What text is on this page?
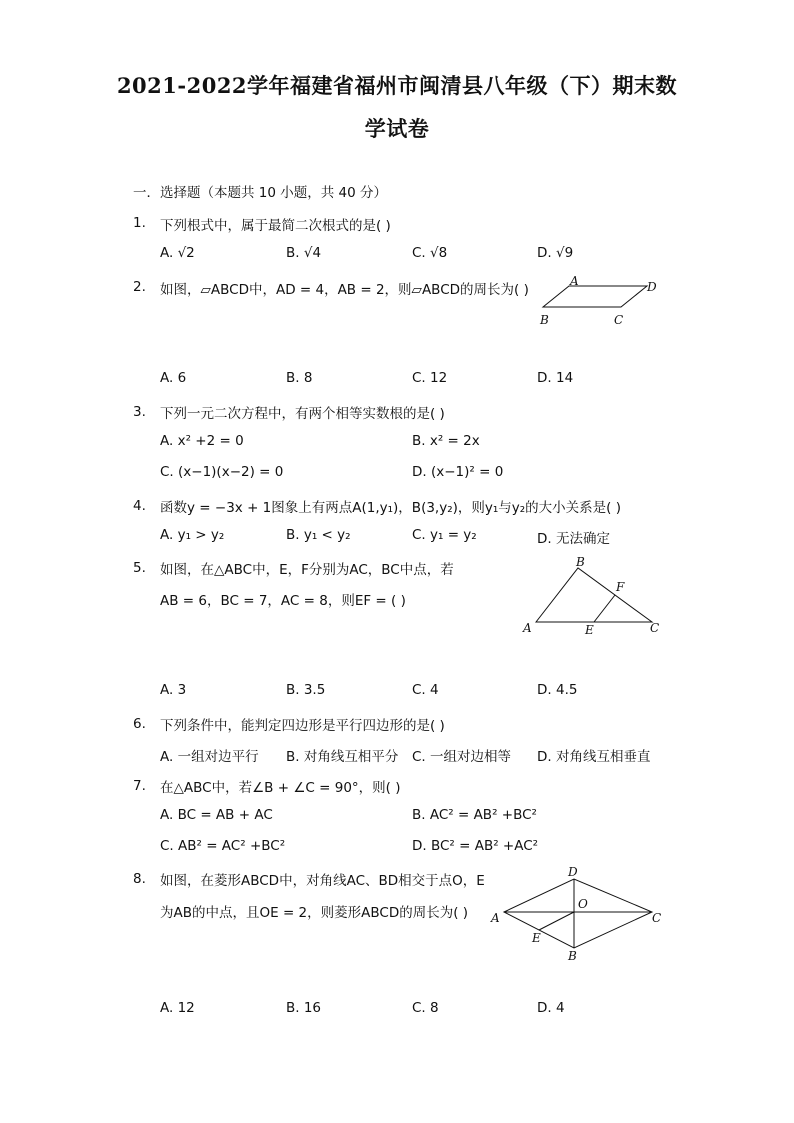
2021-2022学年福建省福州市闽清县八年级（下）期末数
学试卷
一．选择题（本题共 10 小题，共 40 分）
1. 下列根式中，属于最简二次根式的是( )
A. √2	B. √4	C. √8	D. √9
2. 如图，▱ABCD中，AD = 4，AB = 2，则▱ABCD的周长为( )
A	D
B	C
A. 6	B. 8	C. 12	D. 14
3. 下列一元二次方程中，有两个相等实数根的是( )
A. x² +2 = 0	B. x² = 2x
C. (x−1)(x−2) = 0	D. (x−1)² = 0
4. 函数y = −3x + 1图象上有两点A(1,y₁)，B(3,y₂)，则y₁与y₂的大小关系是( )
A. y₁ > y₂	B. y₁ < y₂	C. y₁ = y₂	D. 无法确定
5. 如图，在△ABC中，E，F分别为AC，BC中点，若
AB = 6，BC = 7，AC = 8，则EF = ( )
B
F
A	E	C
A. 3	B. 3.5	C. 4	D. 4.5
6. 下列条件中，能判定四边形是平行四边形的是( )
A. 一组对边平行 B. 对角线互相平分 C. 一组对边相等 D. 对角线互相垂直
7. 在△ABC中，若∠B + ∠C = 90°，则( )
A. BC = AB + AC	B. AC² = AB² +BC²
C. AB² = AC² +BC²	D. BC² = AB² +AC²
8. 如图，在菱形ABCD中，对角线AC、BD相交于点O，E
为AB的中点，且OE = 2，则菱形ABCD的周长为( )
D
O
A	C
E
B
A. 12	B. 16	C. 8	D. 4
